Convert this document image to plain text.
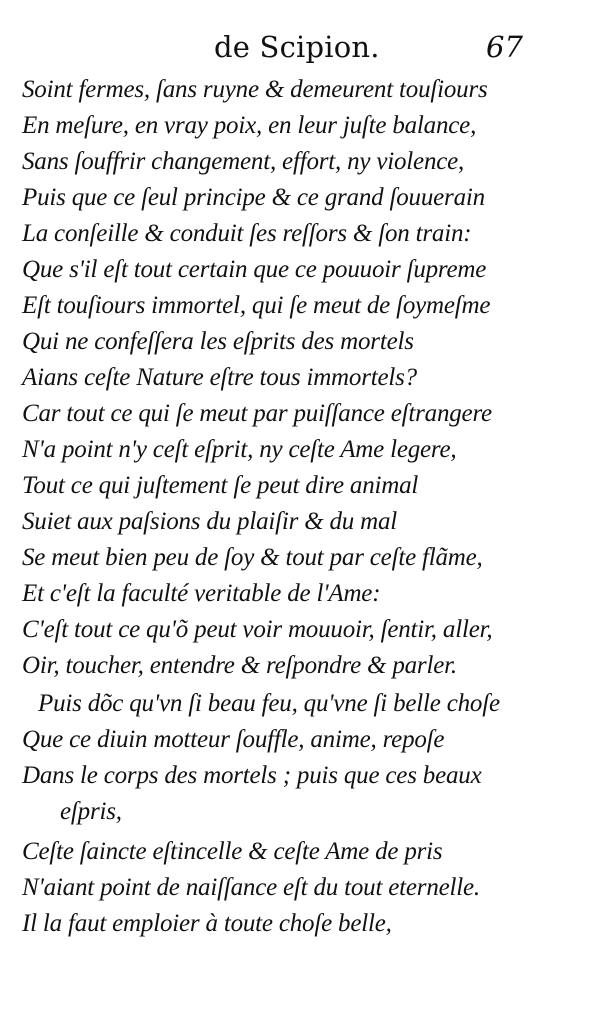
de Scipion.	67
Soint fermes, ſans ruyne & demeurent touſiours
En meſure, en vray poix, en leur juſte balance,
Sans ſouffrir changement, effort, ny violence,
Puis que ce ſeul principe & ce grand ſouuerain
La conſeille & conduit ſes reſſors & ſon train:
Que s'il eſt tout certain que ce pouuoir ſupreme
Eſt touſiours immortel, qui ſe meut de ſoymeſme
Qui ne confeſſera les eſprits des mortels
Aians ceſte Nature eſtre tous immortels?
Car tout ce qui ſe meut par puiſſance eſtrangere
N'a point n'y ceſt eſprit, ny ceſte Ame legere,
Tout ce qui juſtement ſe peut dire animal
Suiet aux paſsions du plaiſir & du mal
Se meut bien peu de ſoy & tout par ceſte flãme,
Et c'eſt la faculté veritable de l'Ame:
C'eſt tout ce qu'õ peut voir mouuoir, ſentir, aller,
Oir, toucher, entendre & reſpondre & parler.
Puis dõc qu'vn ſi beau feu, qu'vne ſi belle choſe
Que ce diuin motteur ſouffle, anime, repoſe
Dans le corps des mortels ; puis que ces beaux
eſpris,
Ceſte ſaincte eſtincelle & ceſte Ame de pris
N'aiant point de naiſſance eſt du tout eternelle.
Il la faut emploier à toute choſe belle,
